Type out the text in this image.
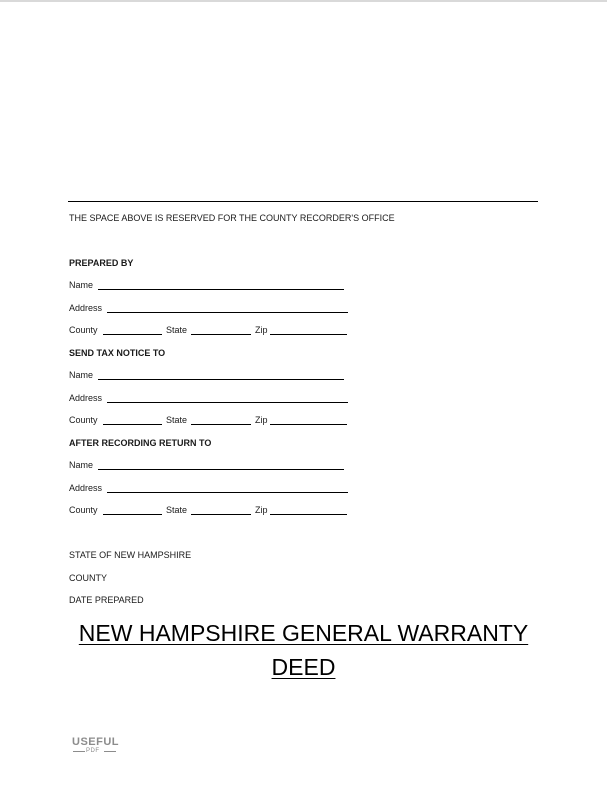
THE SPACE ABOVE IS RESERVED FOR THE COUNTY RECORDER'S OFFICE
PREPARED BY
Name
Address
County	State	Zip
SEND TAX NOTICE TO
Name
Address
County	State	Zip
AFTER RECORDING RETURN TO
Name
Address
County	State	Zip
STATE OF NEW HAMPSHIRE
COUNTY
DATE PREPARED
NEW HAMPSHIRE GENERAL WARRANTY
DEED
USEFUL
PDF
